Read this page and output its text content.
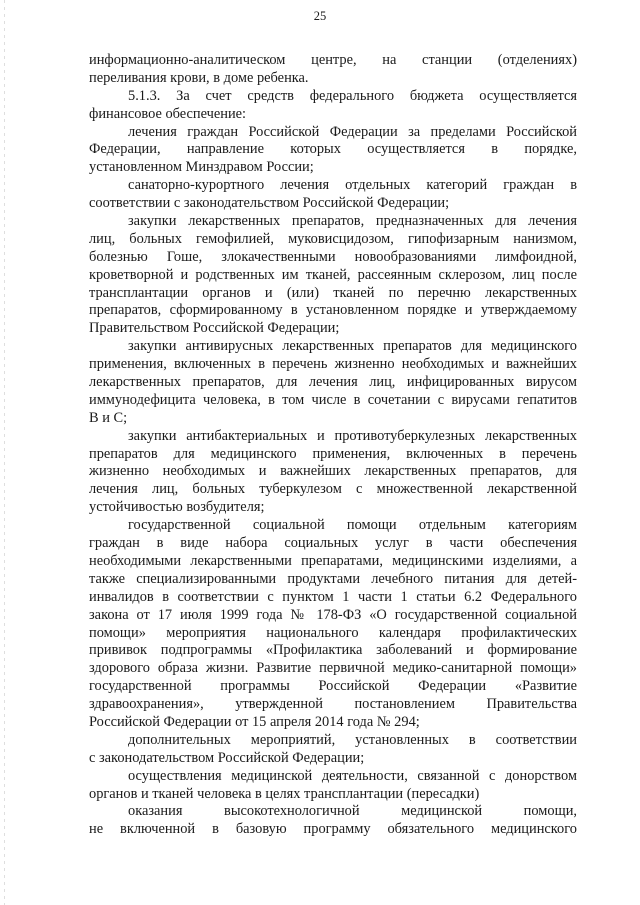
25
информационно-аналитическом центре, на станции (отделениях)
переливания крови, в доме ребенка.
5.1.3. За счет средств федерального бюджета осуществляется
финансовое обеспечение:
лечения граждан Российской Федерации за пределами Российской
Федерации, направление которых осуществляется в порядке,
установленном Минздравом России;
санаторно-курортного лечения отдельных категорий граждан в
соответствии с законодательством Российской Федерации;
закупки лекарственных препаратов, предназначенных для лечения
лиц, больных гемофилией, муковисцидозом, гипофизарным нанизмом,
болезнью Гоше, злокачественными новообразованиями лимфоидной,
кроветворной и родственных им тканей, рассеянным склерозом, лиц после
трансплантации органов и (или) тканей по перечню лекарственных
препаратов, сформированному в установленном порядке и утверждаемому
Правительством Российской Федерации;
закупки антивирусных лекарственных препаратов для медицинского
применения, включенных в перечень жизненно необходимых и важнейших
лекарственных препаратов, для лечения лиц, инфицированных вирусом
иммунодефицита человека, в том числе в сочетании с вирусами гепатитов
B и C;
закупки антибактериальных и противотуберкулезных лекарственных
препаратов для медицинского применения, включенных в перечень
жизненно необходимых и важнейших лекарственных препаратов, для
лечения лиц, больных туберкулезом с множественной лекарственной
устойчивостью возбудителя;
государственной социальной помощи отдельным категориям
граждан в виде набора социальных услуг в части обеспечения
необходимыми лекарственными препаратами, медицинскими изделиями, а
также специализированными продуктами лечебного питания для детей-
инвалидов в соответствии с пунктом 1 части 1 статьи 6.2 Федерального
закона от 17 июля 1999 года № 178-ФЗ «О государственной социальной
помощи» мероприятия национального календаря профилактических
прививок подпрограммы «Профилактика заболеваний и формирование
здорового образа жизни. Развитие первичной медико-санитарной помощи»
государственной программы Российской Федерации «Развитие
здравоохранения», утвержденной постановлением Правительства
Российской Федерации от 15 апреля 2014 года № 294;
дополнительных мероприятий, установленных в соответствии
с законодательством Российской Федерации;
осуществления медицинской деятельности, связанной с донорством
органов и тканей человека в целях трансплантации (пересадки)
оказания высокотехнологичной медицинской помощи,
не включенной в базовую программу обязательного медицинского
